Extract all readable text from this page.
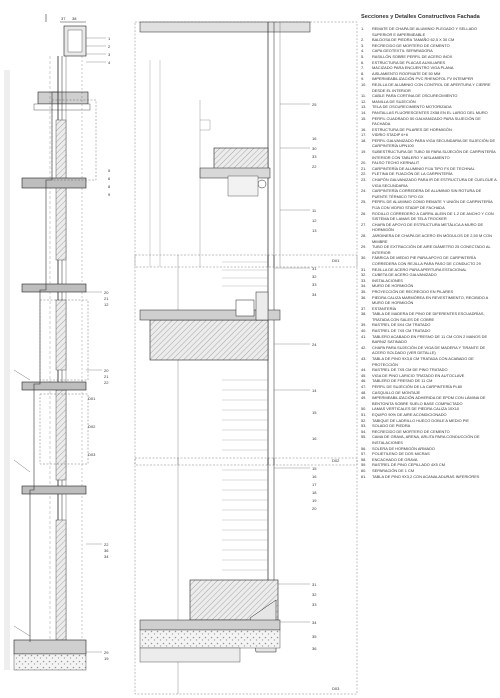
37 38
1
2
3
4
5
6
8
9
20
21
12
20
21
22
22
36
34
29
19
D01
D02
D03
D01
25
16
30
33
11
12
13
22
D02
31
32
33
34
24
14
15
16
D03
15
16
17
18
19
20
31
32
33
34
35
36
Secciones y Detalles Constructivos Fachada
1.	REMATE DE CHAPA DE ALUMINIO PLEGADO Y SELLADO SUPERIOR E IMPERMEABLE
2.	BALDOSA DE PIEDRA TAMAÑO 62,5 X 30 CM
3.	RECRECIDO DE MORTERO DE CEMENTO
4.	CAPA GEOTEXTIL SEPARADORA
5.	RASILLÓN SOBRE PERFIL DE ACERO INOX
6.	ESTRUCTURA DE PLACAS AUXILIARES
7.	MACIZADO PARA ENCUENTRO VIGA PLANA
8.	AISLAMIENTO ROOFMATE DE 50 MM
9.	IMPERMEABILIZACIÓN PVC RHENOFOL FV INTEMPER
10.	REJILLA DE ALUMINIO CON CONTROL DE APERTURA Y CIERRE DESDE EL INTERIOR
11.	CABLE PARA CORTINA DE OSCURECIMIENTO
12.	MANILLA DE SUJECIÓN
13.	TELA DE OSCURECIMIENTO MOTORIZADA
14.	PANTALLAS FLUORESCENTES 2X58 EN EL LARGO DEL MURO
15.	PERFIL CUADRADO 50 GALVANIZADO PARA SUJECIÓN DE FACHADA
16.	ESTRUCTURA DE PILARES DE HORMIGÓN
17.	VIDRIO STADIP 6+6
18.	PERFIL GALVANIZADO PARA VIGA SECUNDARIA DE SUJECIÓN DE CARPINTERÍA UPN100
19.	SUBESTRUCTURA DE TUBO 50 PARA SUJECIÓN DE CARPINTERÍA INTERIOR CON TABLERO Y AISLAMIENTO
20.	FALSO TECHO KERNALIT
21.	CARPINTERÍA DE ALUMINIO FIJA TIPO FX DE TECHNAL
22.	PLETINA DE FIJACIÓN DE LA CARPINTERÍA
23.	CHAPÓN GALVANIZADO PARA IR DE ESTRUCTURA DE CUELGUE A VIGA SECUNDARIA
24.	CARPINTERÍA CORREDERA DE ALUMINIO SIN ROTURA DE PUENTE TÉRMICO TIPO GX
25.	PERFIL DE ALUMINIO COMO REMATE Y UNIÓN DE CARPINTERÍA FIJA CON VIDRIO STADIP DE FACHADA
26.	RODILLO CORREDERO A CARRIL ALEIN DE 1.2 DE ANCHO Y CON SISTEMA DE LAMAS DE TELA TROCKER
27.	CHAPA DE APOYO DE ESTRUCTURA METÁLICA A MURO DE HORMIGÓN
28.	JARDINERA DE CHAPA DE ACERO EN MÓDULOS DE 2,50 M CON MIMBRE
29.	TUBO DE EXTRACCIÓN DE AIRE DIÁMETRO 25 CONECTADO AL INTERIOR
30.	FÁBRICA DE MEDIO PIE PARA APOYO DE CARPINTERÍA CORREDERA CON REJILLA PARA PASO DE CONDUCTO 29
31.	REJILLA DE ACERO PARA APERTURA ESTACIONAL
32.	CUBETA DE ACERO GALVANIZADO
33.	INSTALACIONES
34.	MURO DE HORMIGÓN
35.	PROYECCIÓN DE RECRECIDO EN PILARES
36.	PIEDRA CALIZA MARMÓREA EN REVESTIMIENTO, RECIBIDO A MURO DE HORMIGÓN
37.	ESTANTERÍA
38.	TABLA DE MADERA DE PINO DE DIFERENTES ESCUADRÍAS, TRATADA CON SALES DE COBRE
39.	RASTREL DE 5X4 CM TRATADO
40.	RASTREL DE 7X5 CM TRATADO
41.	TABLERO ACABADO EN FRESNO DE 11 CM CON 2 MANOS DE BARNIZ SATINADO
42.	CHAPA PARA SUJECIÓN DE VIGA DE MADERA Y TIRANTE DE ACERO SOLDADO (VER DETALLE)
43.	TABLA DE PINO 9X3,6 CM TRATADA CON ACABADO DE PROTECCIÓN
44.	RASTREL DE 7X5 CM DE PINO TRATADO
45.	VIGA DE PINO LARICIO TRATADO EN AUTOCLAVE
46.	TABLERO DE FRESNO DE 11 CM
47.	PERFIL DE SUJECIÓN DE LA CARPINTERÍA PL80
48.	CASQUILLO DE MONTAJE
49.	IMPERMEABILIZACIÓN ADHERIDA DE EPDM CON LÁMINA DE BENTONITA SOBRE SUELO BASE COMPACTADO
50.	LAMAS VERTICALES DE PIEDRA CALIZA 10X10
51.	EQUIPO 90% DE AIRE ACONDICIONADO
52.	TABIQUE DE LADRILLO HUECO DOBLE A MEDIO PIE
53.	SOLADO DE PIEDRA
54.	RECRECIDO DE MORTERO DE CEMENTO
55.	CAMA DE GRAVA, ARENA, ARLITA PARA CONDUCCIÓN DE INSTALACIONES
56.	SOLERA DE HORMIGÓN ARMADO
57.	POLIETILENO DE DOS MICRAS
58.	ENCACHADO DE GRAVA
59.	RASTREL DE PINO CEPILLADO 4X5 CM
60.	SEPARACIÓN DE 1 CM
61.	TABLA DE PINO 9X3,2 CON ACANALADURAS INFERIORES
